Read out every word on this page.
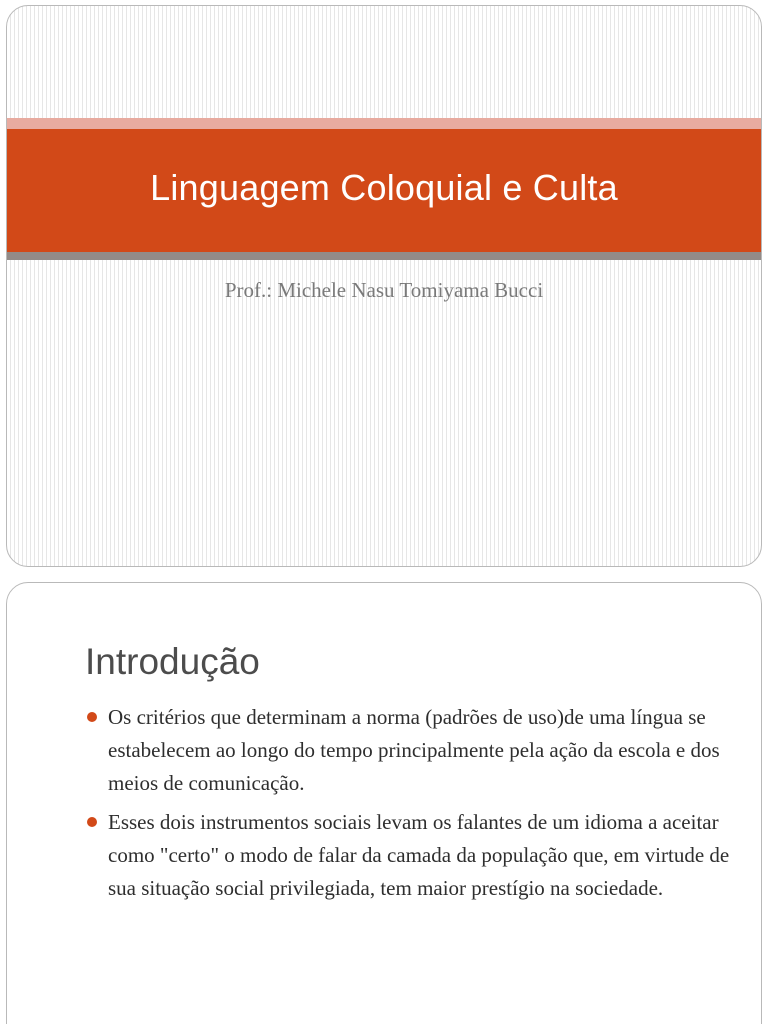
Linguagem Coloquial e Culta
Prof.: Michele Nasu Tomiyama Bucci
Introdução
Os critérios que determinam a norma (padrões de uso)de uma língua se estabelecem ao longo do tempo principalmente pela ação da escola e dos meios de comunicação.
Esses dois instrumentos sociais levam os falantes de um idioma a aceitar como "certo" o modo de falar da camada da população que, em virtude de sua situação social privilegiada, tem maior prestígio na sociedade.
